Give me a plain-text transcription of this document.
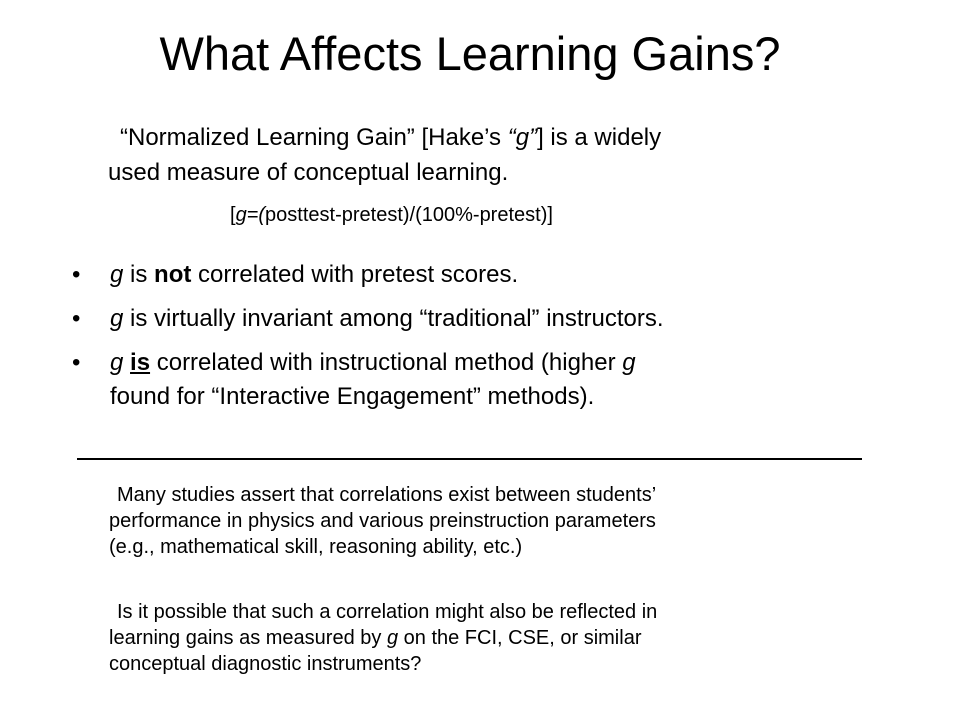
What Affects Learning Gains?
“Normalized Learning Gain” [Hake’s “g”] is a widely
used measure of conceptual learning.
[g=(posttest-pretest)/(100%-pretest)]
• g is not correlated with pretest scores.
• g is virtually invariant among “traditional” instructors.
• g is correlated with instructional method (higher g
found for “Interactive Engagement” methods).
Many studies assert that correlations exist between students’
performance in physics and various preinstruction parameters
(e.g., mathematical skill, reasoning ability, etc.)
Is it possible that such a correlation might also be reflected in
learning gains as measured by g on the FCI, CSE, or similar
conceptual diagnostic instruments?
